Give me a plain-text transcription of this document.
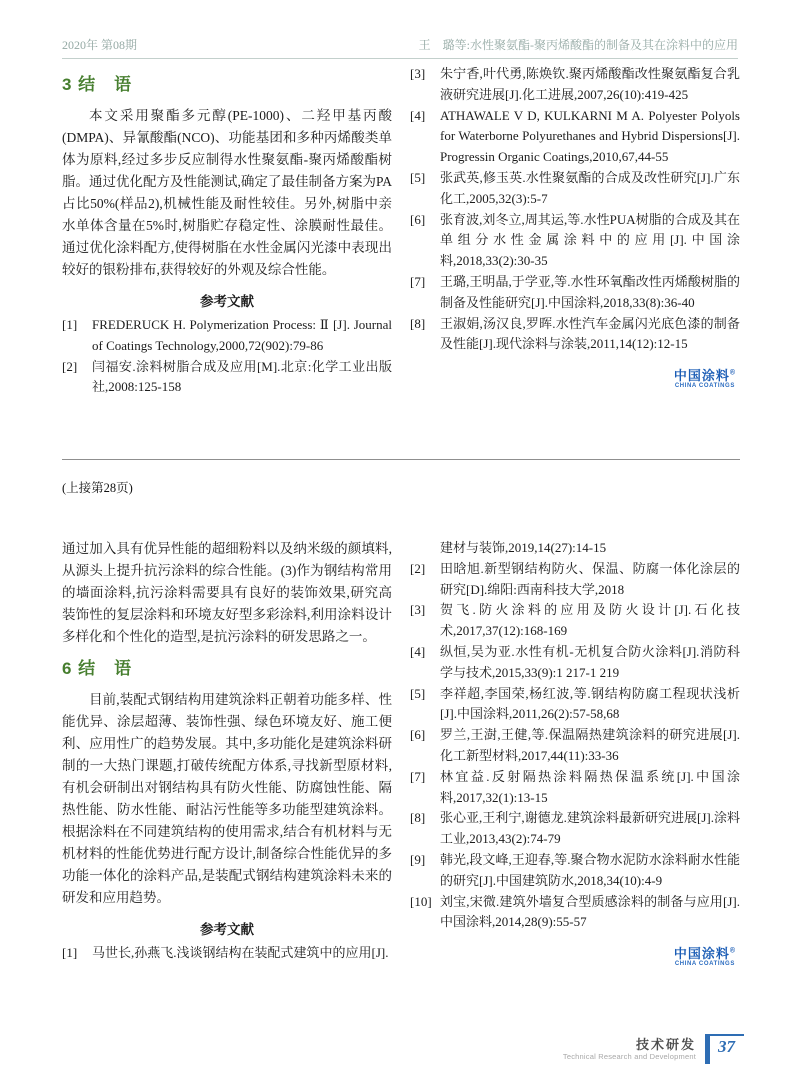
2020年 第08期	王　璐等:水性聚氨酯-聚丙烯酸酯的制备及其在涂料中的应用
3 结　语

本文采用聚酯多元醇(PE-1000)、二羟甲基丙酸(DMPA)、异氰酸酯(NCO)、功能基团和多种丙烯酸类单体为原料,经过多步反应制得水性聚氨酯-聚丙烯酸酯树脂。通过优化配方及性能测试,确定了最佳制备方案为PA占比50%(样品2),机械性能及耐性较佳。另外,树脂中亲水单体含量在5%时,树脂贮存稳定性、涂膜耐性最佳。通过优化涂料配方,使得树脂在水性金属闪光漆中表现出较好的银粉排布,获得较好的外观及综合性能。

参考文献
[1]	FREDERUCK H. Polymerization Process: Ⅱ [J]. Journal of Coatings Technology,2000,72(902):79-86
[2]	闫福安.涂料树脂合成及应用[M].北京:化学工业出版社,2008:125-158
[3]	朱宁香,叶代勇,陈焕钦.聚丙烯酸酯改性聚氨酯复合乳液研究进展[J].化工进展,2007,26(10):419-425
[4]	ATHAWALE V D, KULKARNI M A. Polyester Polyols for Waterborne Polyurethanes and Hybrid Dispersions[J]. Progressin Organic Coatings,2010,67,44-55
[5]	张武英,修玉英.水性聚氨酯的合成及改性研究[J].广东化工,2005,32(3):5-7
[6]	张育波,刘冬立,周其运,等.水性PUA树脂的合成及其在单组分水性金属涂料中的应用[J].中国涂料,2018,33(2):30-35
[7]	王璐,王明晶,于学亚,等.水性环氧酯改性丙烯酸树脂的制备及性能研究[J].中国涂料,2018,33(8):36-40
[8]	王淑娟,汤汉良,罗晖.水性汽车金属闪光底色漆的制备及性能[J].现代涂料与涂装,2011,14(12):12-15
中国涂料®
CHINA COATINGS
(上接第28页)

通过加入具有优异性能的超细粉料以及纳米级的颜填料,从源头上提升抗污涂料的综合性能。(3)作为钢结构常用的墙面涂料,抗污涂料需要具有良好的装饰效果,研究高装饰性的复层涂料和环境友好型多彩涂料,利用涂料设计多样化和个性化的造型,是抗污涂料的研发思路之一。

6 结　语

目前,装配式钢结构用建筑涂料正朝着功能多样、性能优异、涂层超薄、装饰性强、绿色环境友好、施工便利、应用性广的趋势发展。其中,多功能化是建筑涂料研制的一大热门课题,打破传统配方体系,寻找新型原材料,有机会研制出对钢结构具有防火性能、防腐蚀性能、隔热性能、防水性能、耐沾污性能等多功能型建筑涂料。根据涂料在不同建筑结构的使用需求,结合有机材料与无机材料的性能优势进行配方设计,制备综合性能优异的多功能一体化的涂料产品,是装配式钢结构建筑涂料未来的研发和应用趋势。

参考文献
[1]	马世长,孙燕飞.浅谈钢结构在装配式建筑中的应用[J].
建材与装饰,2019,14(27):14-15
[2]	田晗旭.新型钢结构防火、保温、防腐一体化涂层的研究[D].绵阳:西南科技大学,2018
[3]	贺飞.防火涂料的应用及防火设计[J].石化技术,2017,37(12):168-169
[4]	纵恒,吴为亚.水性有机-无机复合防火涂料[J].消防科学与技术,2015,33(9):1 217-1 219
[5]	李祥超,李国荣,杨红波,等.钢结构防腐工程现状浅析[J].中国涂料,2011,26(2):57-58,68
[6]	罗兰,王澍,王健,等.保温隔热建筑涂料的研究进展[J].化工新型材料,2017,44(11):33-36
[7]	林宜益.反射隔热涂料隔热保温系统[J].中国涂料,2017,32(1):13-15
[8]	张心亚,王利宁,谢德龙.建筑涂料最新研究进展[J].涂料工业,2013,43(2):74-79
[9]	韩光,段文峰,王迎春,等.聚合物水泥防水涂料耐水性能的研究[J].中国建筑防水,2018,34(10):4-9
[10] 刘宝,宋微.建筑外墙复合型质感涂料的制备与应用[J].中国涂料,2014,28(9):55-57
中国涂料®
CHINA COATINGS
技术研发
Technical Research and Development
37
